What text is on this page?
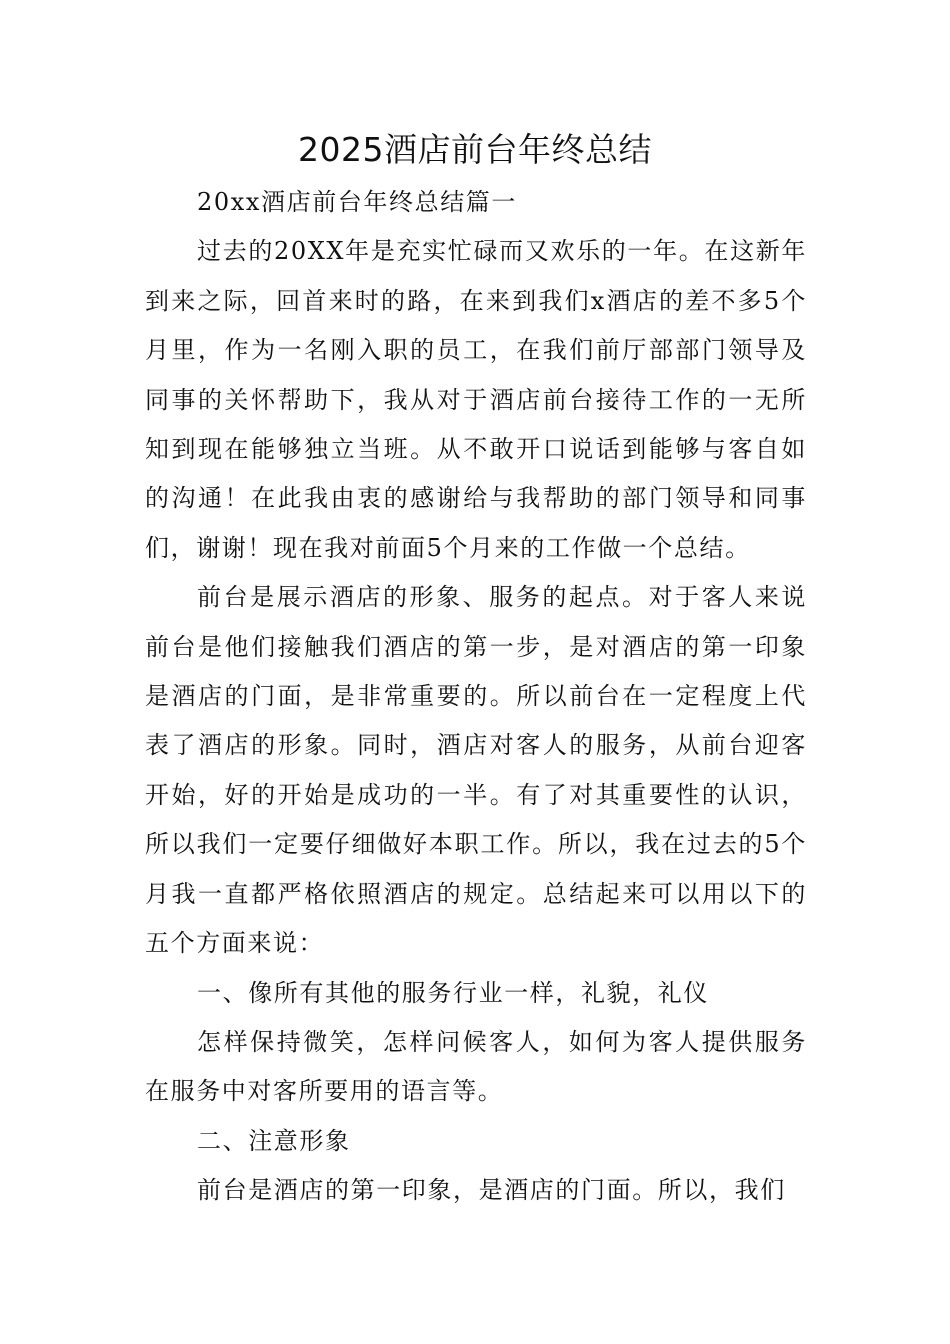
2025酒店前台年终总结

20xx酒店前台年终总结篇一

过去的20XX年是充实忙碌而又欢乐的一年。在这新年到来之际，回首来时的路，在来到我们x酒店的差不多5个月里，作为一名刚入职的员工，在我们前厅部部门领导及同事的关怀帮助下，我从对于酒店前台接待工作的一无所知到现在能够独立当班。从不敢开口说话到能够与客自如的沟通！在此我由衷的感谢给与我帮助的部门领导和同事们，谢谢！现在我对前面5个月来的工作做一个总结。

前台是展示酒店的形象、服务的起点。对于客人来说前台是他们接触我们酒店的第一步，是对酒店的第一印象是酒店的门面，是非常重要的。所以前台在一定程度上代表了酒店的形象。同时，酒店对客人的服务，从前台迎客开始，好的开始是成功的一半。有了对其重要性的认识，所以我们一定要仔细做好本职工作。所以，我在过去的5个月我一直都严格依照酒店的规定。总结起来可以用以下的五个方面来说：

一、像所有其他的服务行业一样，礼貌，礼仪

怎样保持微笑，怎样问候客人，如何为客人提供服务在服务中对客所要用的语言等。

二、注意形象

前台是酒店的第一印象，是酒店的门面。所以，我们
